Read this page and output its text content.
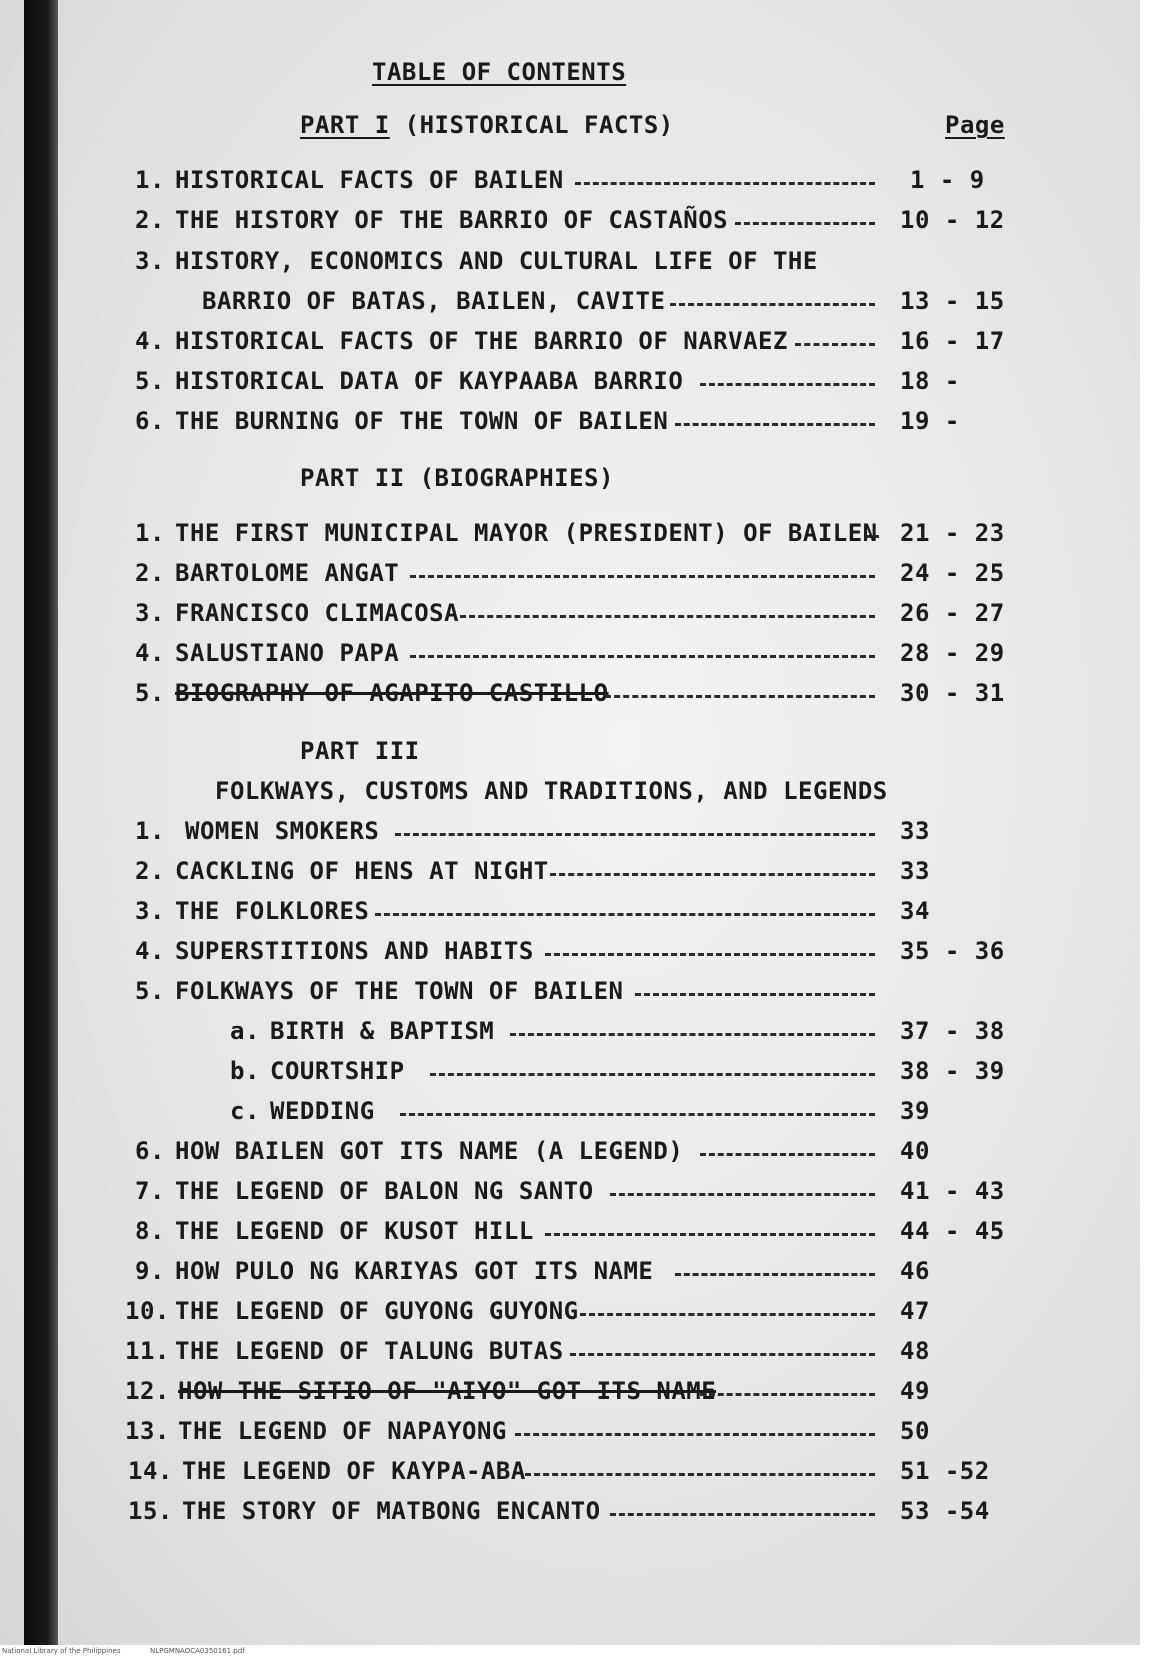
TABLE OF CONTENTS
PART I (HISTORICAL FACTS)	Page
1. HISTORICAL FACTS OF BAILEN	1 - 9
2. THE HISTORY OF THE BARRIO OF CASTAÑOS	10 - 12
3. HISTORY, ECONOMICS AND CULTURAL LIFE OF THE
BARRIO OF BATAS, BAILEN, CAVITE	13 - 15
4. HISTORICAL FACTS OF THE BARRIO OF NARVAEZ	16 - 17
5. HISTORICAL DATA OF KAYPAABA BARRIO	18 -
6. THE BURNING OF THE TOWN OF BAILEN	19 -
PART II (BIOGRAPHIES)
1. THE FIRST MUNICIPAL MAYOR (PRESIDENT) OF BAILEN 21 - 23
2. BARTOLOME ANGAT	24 - 25
3. FRANCISCO CLIMACOSA	26 - 27
4. SALUSTIANO PAPA	28 - 29
5. BIOGRAPHY OF AGAPITO CASTILLO	30 - 31
PART III
FOLKWAYS, CUSTOMS AND TRADITIONS, AND LEGENDS
1. WOMEN SMOKERS	33
2. CACKLING OF HENS AT NIGHT	33
3. THE FOLKLORES	34
4. SUPERSTITIONS AND HABITS	35 - 36
5. FOLKWAYS OF THE TOWN OF BAILEN
a. BIRTH & BAPTISM	37 - 38
b. COURTSHIP	38 - 39
c. WEDDING	39
6. HOW BAILEN GOT ITS NAME (A LEGEND)	40
7. THE LEGEND OF BALON NG SANTO	41 - 43
8. THE LEGEND OF KUSOT HILL	44 - 45
9. HOW PULO NG KARIYAS GOT ITS NAME	46
10. THE LEGEND OF GUYONG GUYONG	47
11. THE LEGEND OF TALUNG BUTAS	48
12. HOW THE SITIO OF "AIYO" GOT ITS NAME	49
13. THE LEGEND OF NAPAYONG	50
14. THE LEGEND OF KAYPA-ABA	51 -52
15. THE STORY OF MATBONG ENCANTO	53 -54
National Library of the Philippines	NLPGMNAOCA0350161.pdf
